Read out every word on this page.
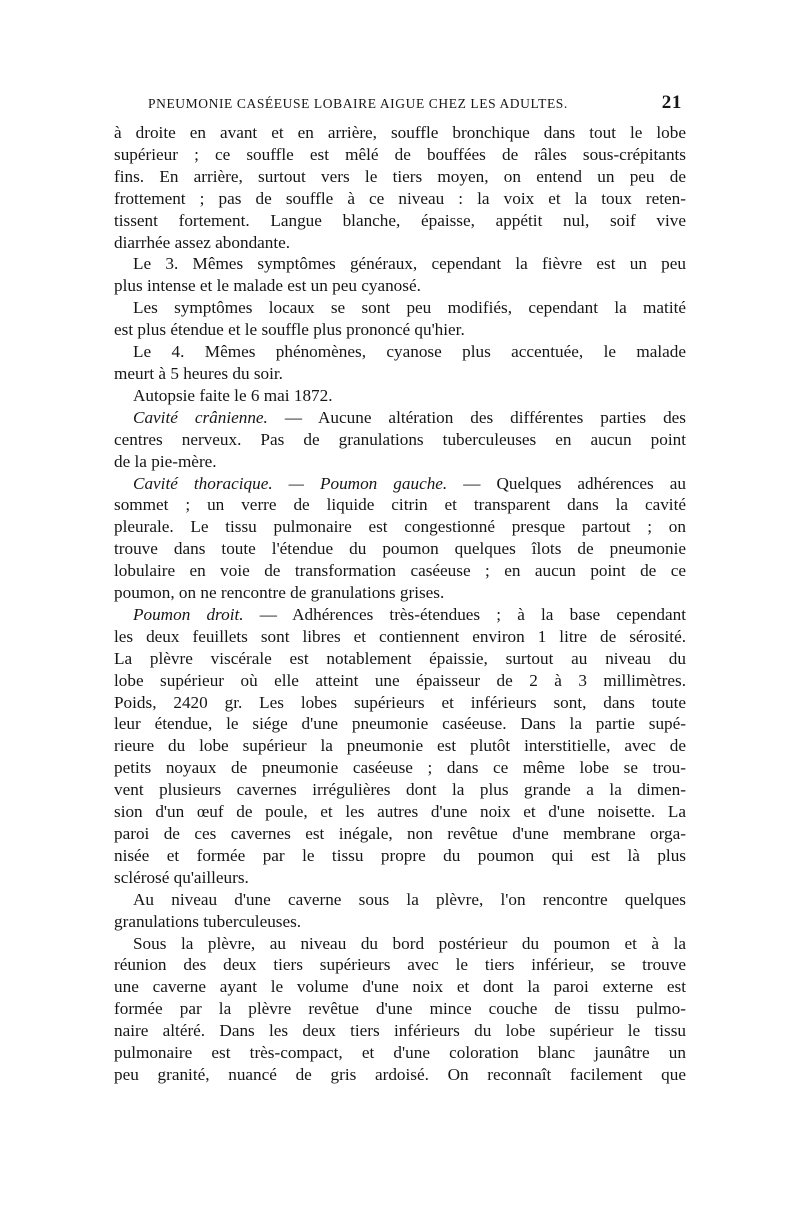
PNEUMONIE CASÉEUSE LOBAIRE AIGUE CHEZ LES ADULTES.	21
à droite en avant et en arrière, souffle bronchique dans tout le lobe
supérieur ; ce souffle est mêlé de bouffées de râles sous-crépitants
fins. En arrière, surtout vers le tiers moyen, on entend un peu de
frottement ; pas de souffle à ce niveau : la voix et la toux reten-
tissent fortement. Langue blanche, épaisse, appétit nul, soif vive
diarrhée assez abondante.
Le 3. Mêmes symptômes généraux, cependant la fièvre est un peu
plus intense et le malade est un peu cyanosé.
Les symptômes locaux se sont peu modifiés, cependant la matité
est plus étendue et le souffle plus prononcé qu'hier.
Le 4. Mêmes phénomènes, cyanose plus accentuée, le malade
meurt à 5 heures du soir.
Autopsie faite le 6 mai 1872.
Cavité crânienne. — Aucune altération des différentes parties des
centres nerveux. Pas de granulations tuberculeuses en aucun point
de la pie-mère.
Cavité thoracique. — Poumon gauche. — Quelques adhérences au
sommet ; un verre de liquide citrin et transparent dans la cavité
pleurale. Le tissu pulmonaire est congestionné presque partout ; on
trouve dans toute l'étendue du poumon quelques îlots de pneumonie
lobulaire en voie de transformation caséeuse ; en aucun point de ce
poumon, on ne rencontre de granulations grises.
Poumon droit. — Adhérences très-étendues ; à la base cependant
les deux feuillets sont libres et contiennent environ 1 litre de sérosité.
La plèvre viscérale est notablement épaissie, surtout au niveau du
lobe supérieur où elle atteint une épaisseur de 2 à 3 millimètres.
Poids, 2420 gr. Les lobes supérieurs et inférieurs sont, dans toute
leur étendue, le siége d'une pneumonie caséeuse. Dans la partie supé-
rieure du lobe supérieur la pneumonie est plutôt interstitielle, avec de
petits noyaux de pneumonie caséeuse ; dans ce même lobe se trou-
vent plusieurs cavernes irrégulières dont la plus grande a la dimen-
sion d'un œuf de poule, et les autres d'une noix et d'une noisette. La
paroi de ces cavernes est inégale, non revêtue d'une membrane orga-
nisée et formée par le tissu propre du poumon qui est là plus
sclérosé qu'ailleurs.
Au niveau d'une caverne sous la plèvre, l'on rencontre quelques
granulations tuberculeuses.
Sous la plèvre, au niveau du bord postérieur du poumon et à la
réunion des deux tiers supérieurs avec le tiers inférieur, se trouve
une caverne ayant le volume d'une noix et dont la paroi externe est
formée par la plèvre revêtue d'une mince couche de tissu pulmo-
naire altéré. Dans les deux tiers inférieurs du lobe supérieur le tissu
pulmonaire est très-compact, et d'une coloration blanc jaunâtre un
peu granité, nuancé de gris ardoisé. On reconnaît facilement que
